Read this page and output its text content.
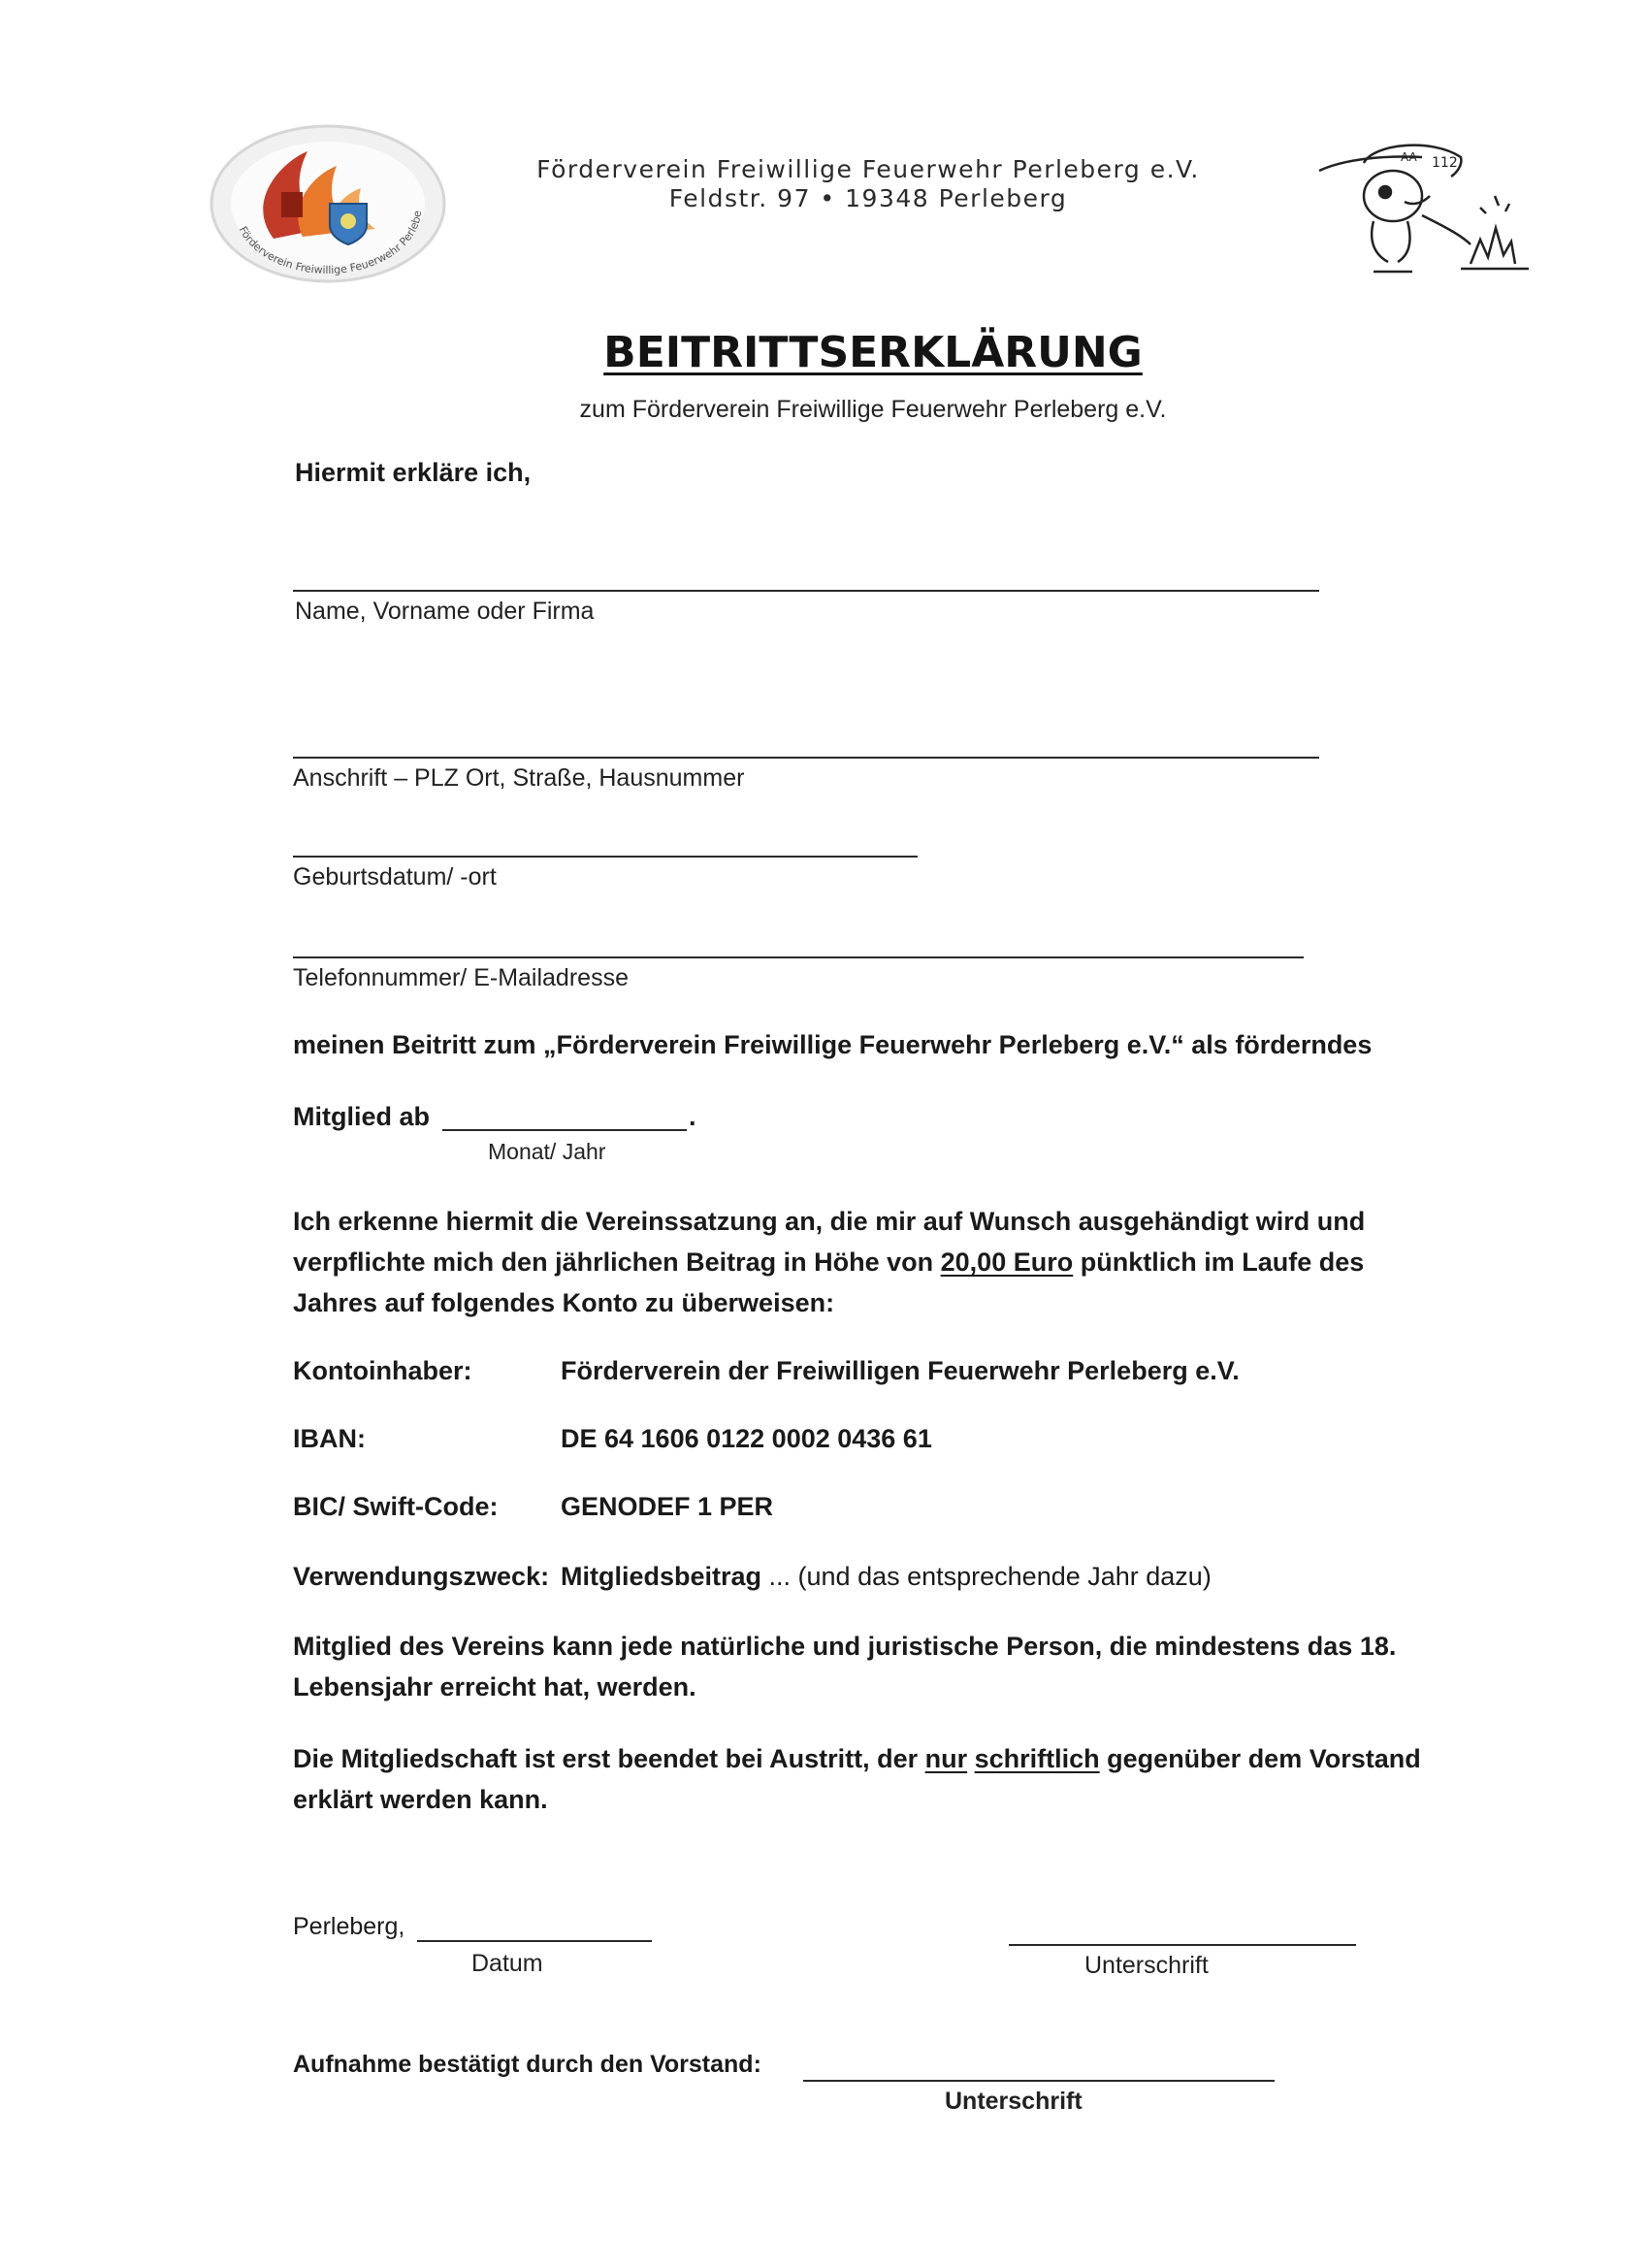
Förderverein Freiwillige Feuerwehr Perlebe
Förderverein Freiwillige Feuerwehr Perleberg e.V.
Feldstr. 97 • 19348 Perleberg
112
AA
BEITRITTSERKLÄRUNG
zum Förderverein Freiwillige Feuerwehr Perleberg e.V.
Hiermit erkläre ich,
Name, Vorname oder Firma
Anschrift – PLZ Ort, Straße, Hausnummer
Geburtsdatum/ -ort
Telefonnummer/ E-Mailadresse
meinen Beitritt zum „Förderverein Freiwillige Feuerwehr Perleberg e.V.“ als förderndes
Mitglied ab	.
Monat/ Jahr
Ich erkenne hiermit die Vereinssatzung an, die mir auf Wunsch ausgehändigt wird und verpflichte mich den jährlichen Beitrag in Höhe von 20,00 Euro pünktlich im Laufe des Jahres auf folgendes Konto zu überweisen:
Kontoinhaber:	Förderverein der Freiwilligen Feuerwehr Perleberg e.V.
IBAN:	DE 64 1606 0122 0002 0436 61
BIC/ Swift-Code: GENODEF 1 PER
Verwendungszweck: Mitgliedsbeitrag ... (und das entsprechende Jahr dazu)
Mitglied des Vereins kann jede natürliche und juristische Person, die mindestens das 18. Lebensjahr erreicht hat, werden.
Die Mitgliedschaft ist erst beendet bei Austritt, der nur schriftlich gegenüber dem Vorstand erklärt werden kann.
Perleberg,
Datum	Unterschrift
Aufnahme bestätigt durch den Vorstand:
Unterschrift
